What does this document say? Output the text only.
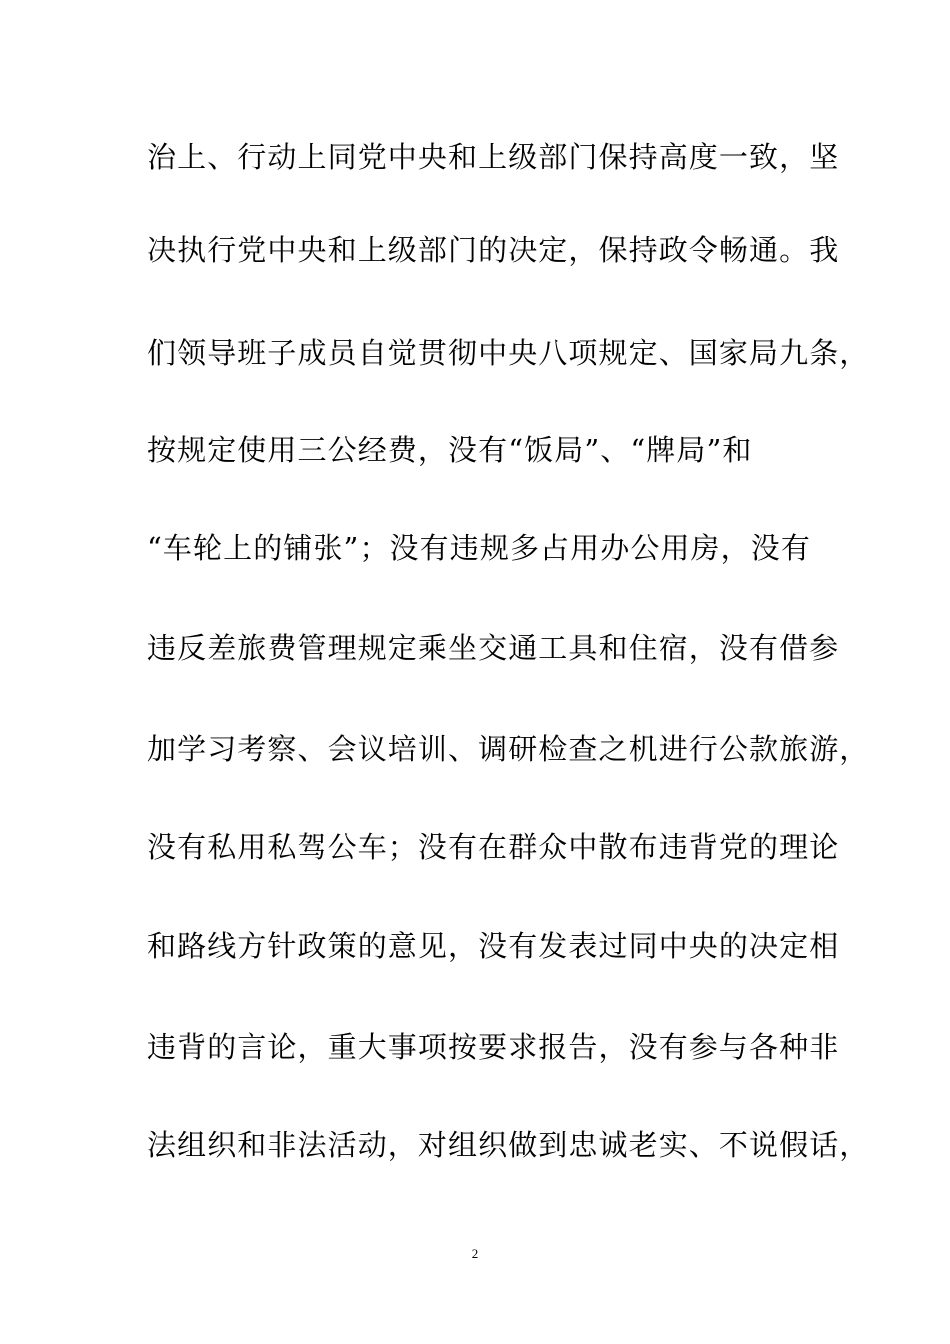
治上、行动上同党中央和上级部门保持高度一致，坚
决执行党中央和上级部门的决定，保持政令畅通。我
们领导班子成员自觉贯彻中央八项规定、国家局九条，
按规定使用三公经费，没有“饭局”、“牌局”和
“车轮上的铺张”；没有违规多占用办公用房，没有
违反差旅费管理规定乘坐交通工具和住宿，没有借参
加学习考察、会议培训、调研检查之机进行公款旅游，
没有私用私驾公车；没有在群众中散布违背党的理论
和路线方针政策的意见，没有发表过同中央的决定相
违背的言论，重大事项按要求报告，没有参与各种非
法组织和非法活动，对组织做到忠诚老实、不说假话，
2
